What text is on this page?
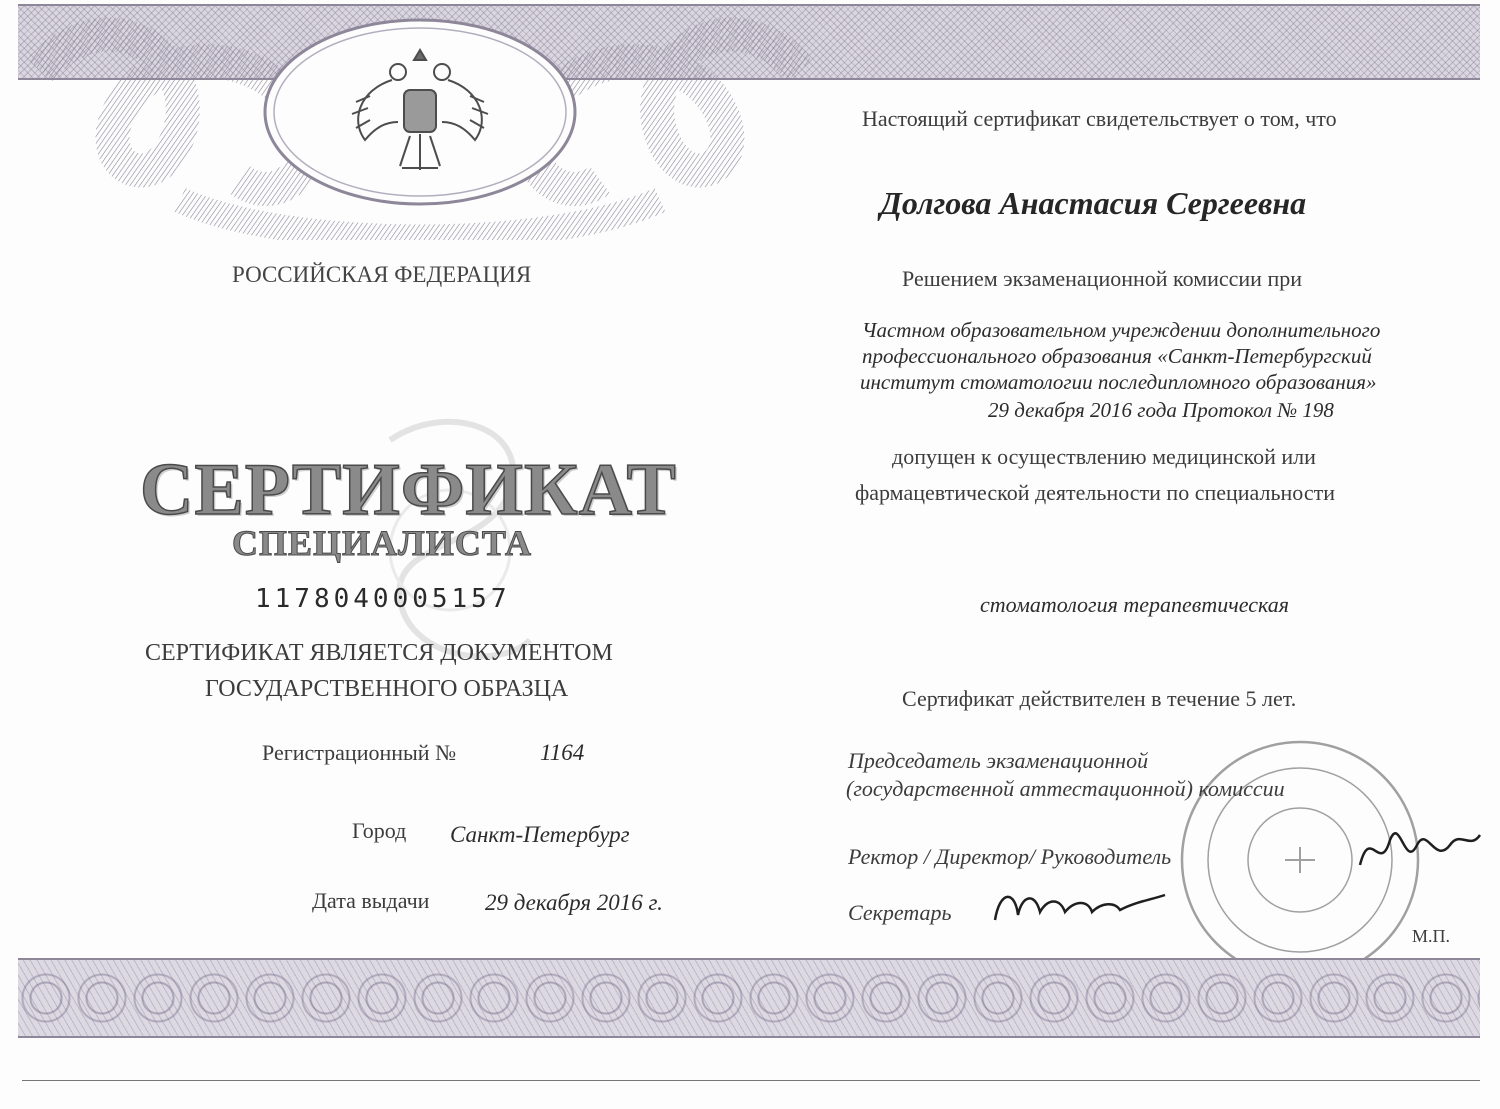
РОССИЙСКАЯ ФЕДЕРАЦИЯ
СЕРТИФИКАТ
СПЕЦИАЛИСТА
1178040005157
СЕРТИФИКАТ ЯВЛЯЕТСЯ ДОКУМЕНТОМ
ГОСУДАРСТВЕННОГО ОБРАЗЦА
Регистрационный №	1164
Город Санкт-Петербург
Дата выдачи 29 декабря 2016 г.
Настоящий сертификат свидетельствует о том, что
Долгова Анастасия Сергеевна
Решением экзаменационной комиссии при
Частном образовательном учреждении дополнительного
профессионального образования «Санкт-Петербургский
институт стоматологии последипломного образования»
29 декабря 2016 года Протокол № 198
допущен к осуществлению медицинской или
фармацевтической деятельности по специальности
стоматология терапевтическая
Сертификат действителен в течение 5 лет.
Председатель экзаменационной
(государственной аттестационной) комиссии
Ректор / Директор/ Руководитель
Секретарь
М.П.
